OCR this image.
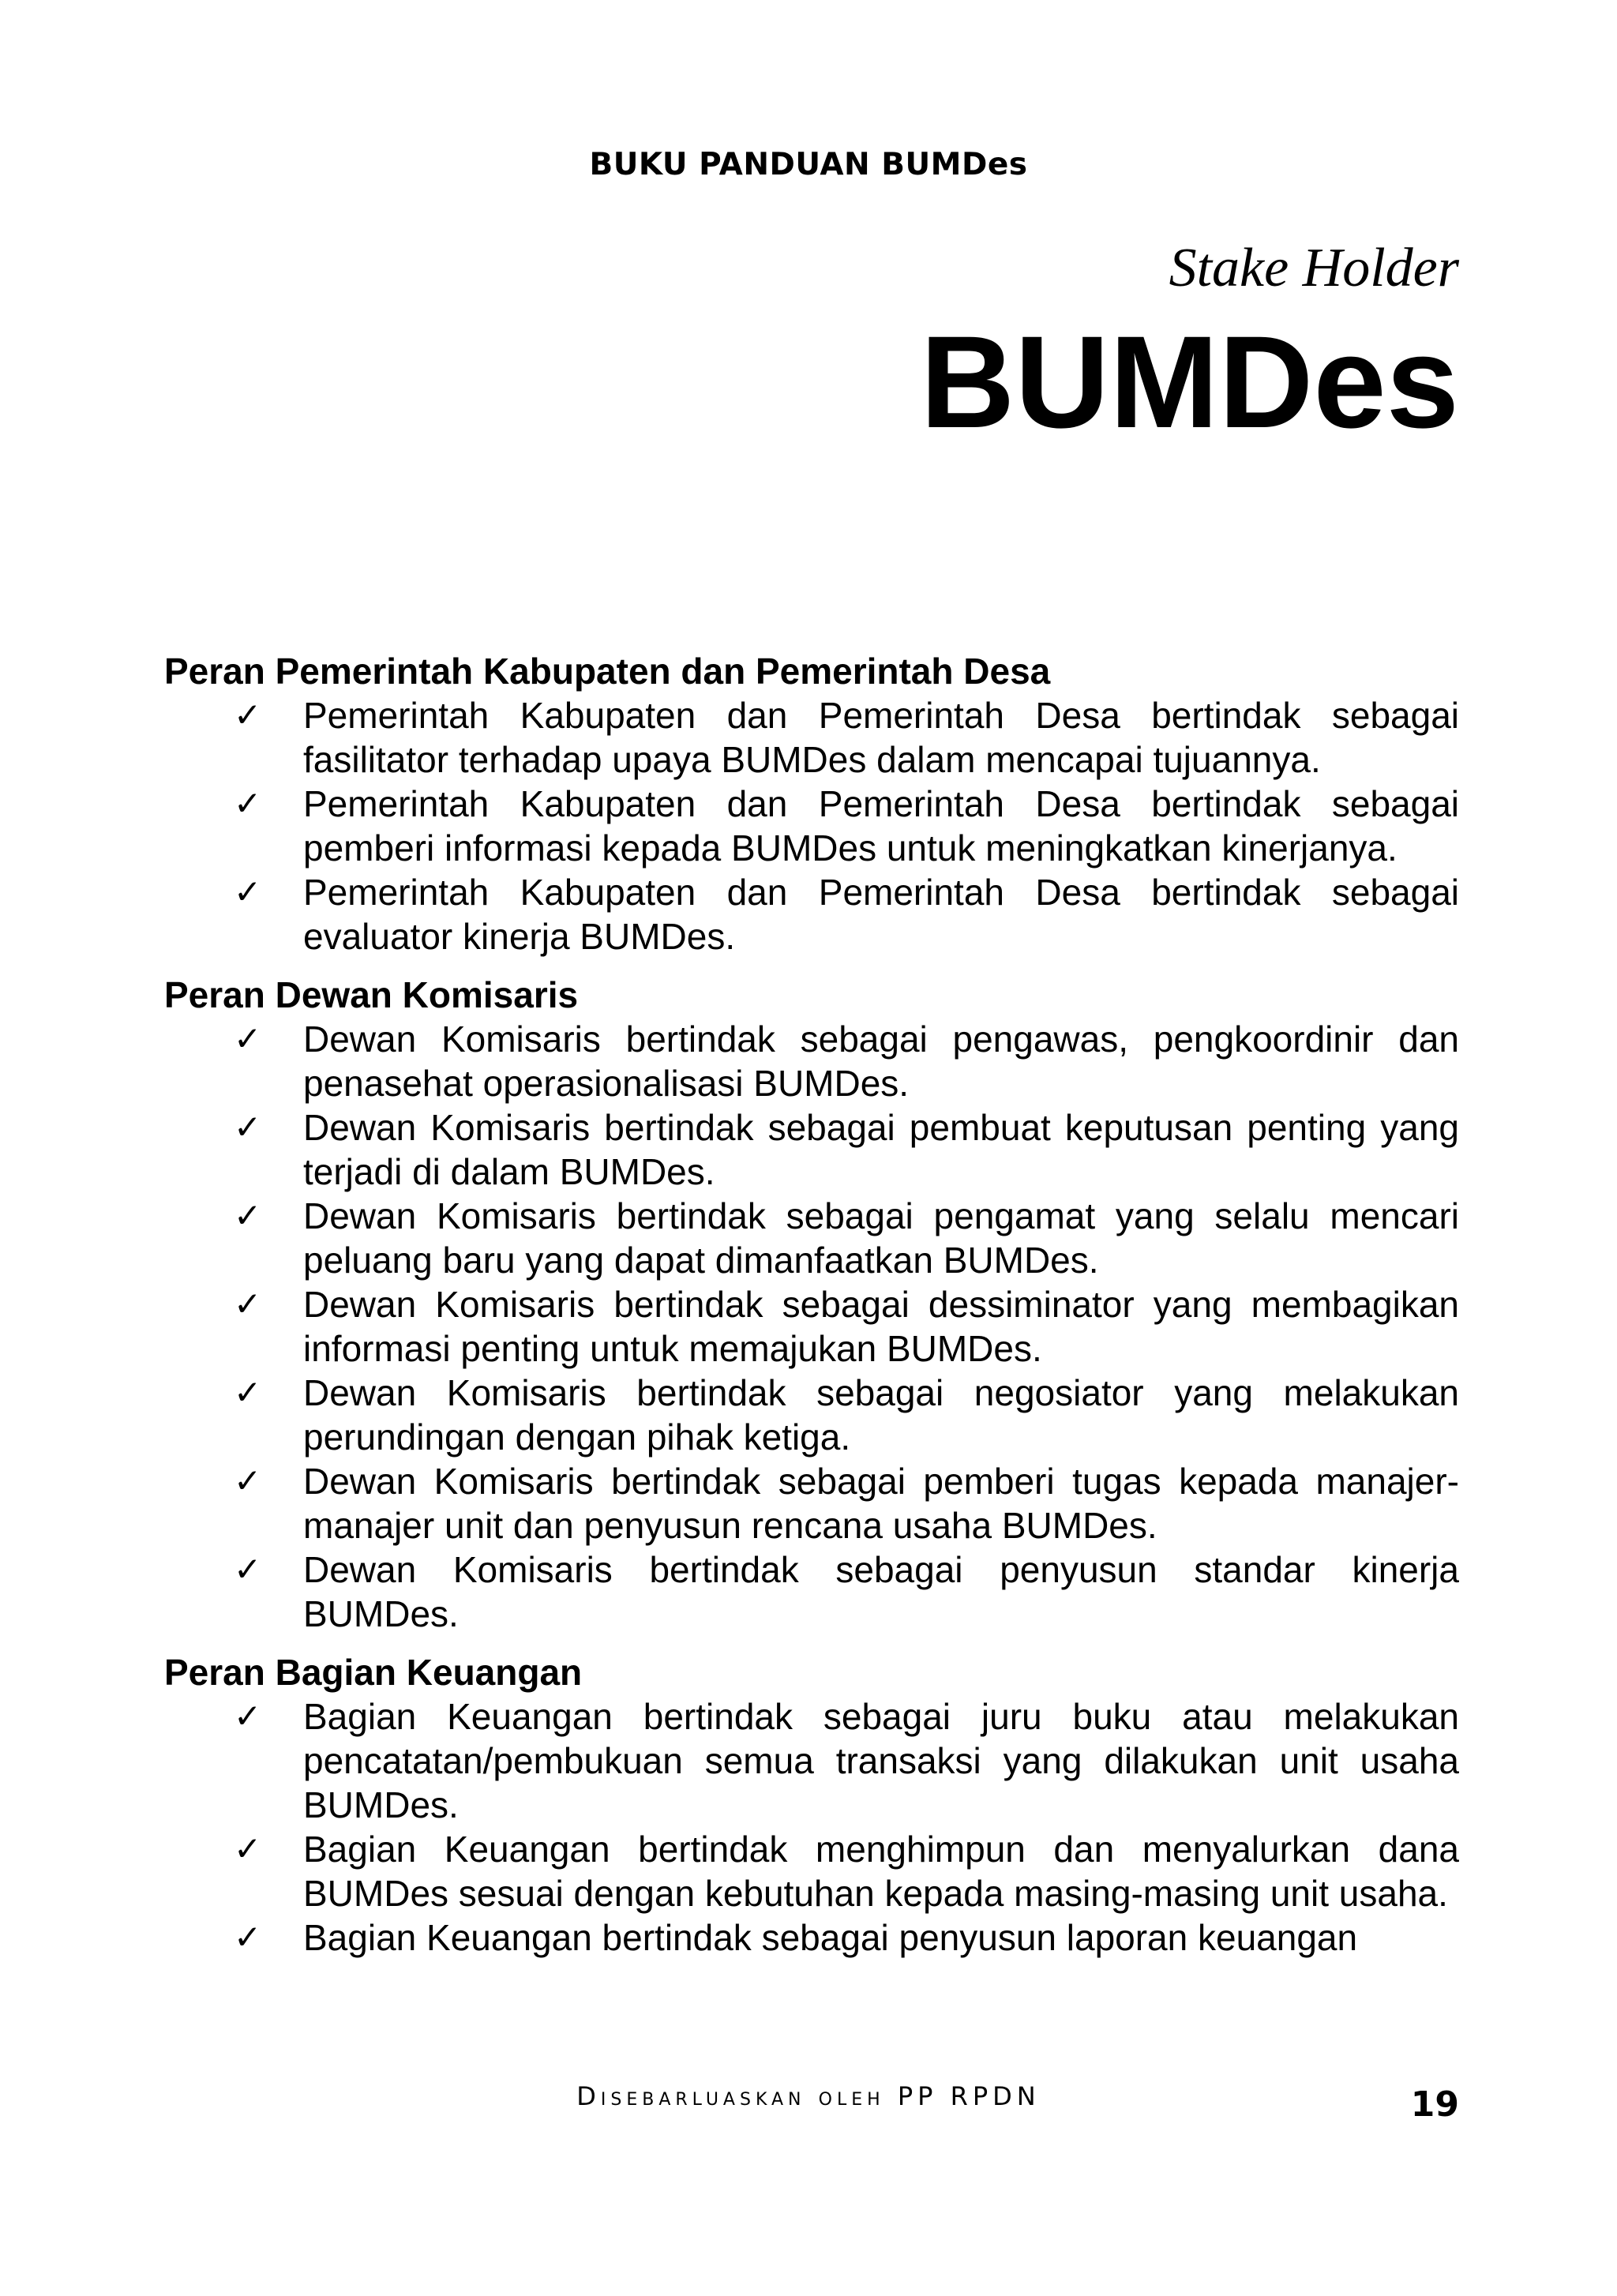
BUKU PANDUAN BUMDes
Stake Holder
BUMDes
Peran Pemerintah Kabupaten dan Pemerintah Desa
✓ Pemerintah Kabupaten dan Pemerintah Desa bertindak sebagai fasilitator terhadap upaya BUMDes dalam mencapai tujuannya.
✓ Pemerintah Kabupaten dan Pemerintah Desa bertindak sebagai pemberi informasi kepada BUMDes untuk meningkatkan kinerjanya.
✓ Pemerintah Kabupaten dan Pemerintah Desa bertindak sebagai evaluator kinerja BUMDes.
Peran Dewan Komisaris
✓ Dewan Komisaris bertindak sebagai pengawas, pengkoordinir dan penasehat operasionalisasi BUMDes.
✓ Dewan Komisaris bertindak sebagai pembuat keputusan penting yang terjadi di dalam BUMDes.
✓ Dewan Komisaris bertindak sebagai pengamat yang selalu mencari peluang baru yang dapat dimanfaatkan BUMDes.
✓ Dewan Komisaris bertindak sebagai dessiminator yang membagikan informasi penting untuk memajukan BUMDes.
✓ Dewan Komisaris bertindak sebagai negosiator yang melakukan perundingan dengan pihak ketiga.
✓ Dewan Komisaris bertindak sebagai pemberi tugas kepada manajer-manajer unit dan penyusun rencana usaha BUMDes.
✓ Dewan Komisaris bertindak sebagai penyusun standar kinerja BUMDes.
Peran Bagian Keuangan
✓ Bagian Keuangan bertindak sebagai juru buku atau melakukan pencatatan/pembukuan semua transaksi yang dilakukan unit usaha BUMDes.
✓ Bagian Keuangan bertindak menghimpun dan menyalurkan dana BUMDes sesuai dengan kebutuhan kepada masing-masing unit usaha.
✓ Bagian Keuangan bertindak sebagai penyusun laporan keuangan
Disebarluaskan oleh PP RPDN	19
